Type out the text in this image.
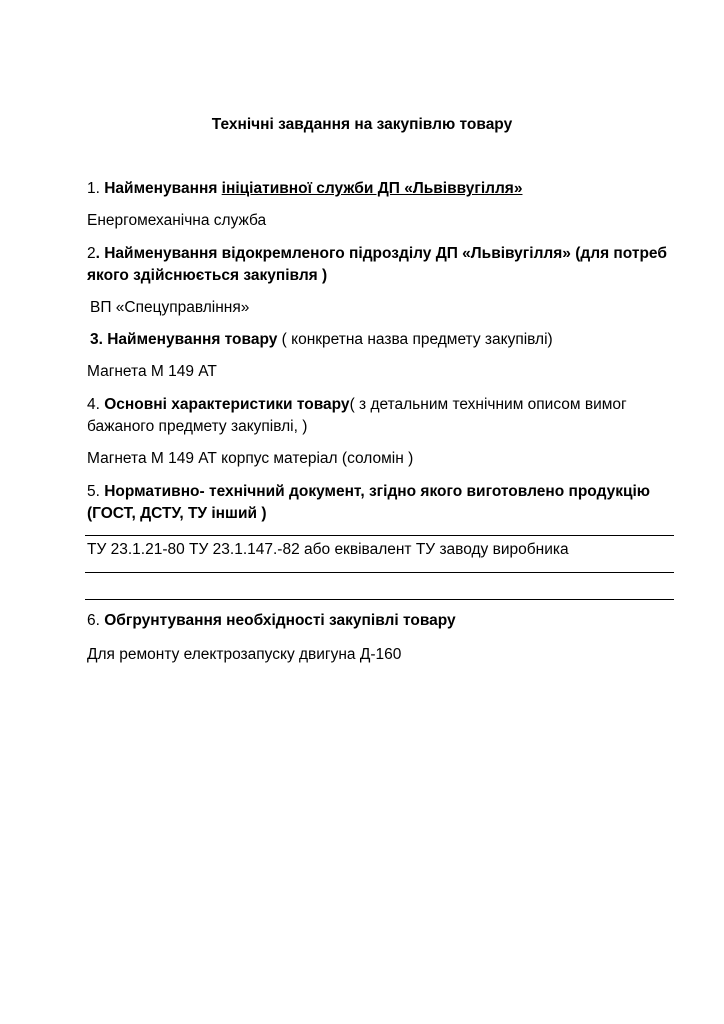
Технічні завдання на закупівлю товару
1. Найменування ініціативної служби ДП «Львіввугілля»
Енергомеханічна служба
2. Найменування відокремленого підрозділу ДП «Львівугілля» (для потреб
якого здійснюється закупівля )
ВП «Спецуправління»
3. Найменування товару ( конкретна назва предмету закупівлі)
Магнета М 149 АТ
4. Основні характеристики товару( з детальним технічним описом вимог
бажаного предмету закупівлі, )
Магнета М 149 АТ корпус матеріал (соломін )
5. Нормативно- технічний документ, згідно якого виготовлено продукцію
(ГОСТ, ДСТУ, ТУ інший )
ТУ 23.1.21-80 ТУ 23.1.147.-82 або еквівалент ТУ заводу виробника
6. Обгрунтування необхідності закупівлі товару
Для ремонту електрозапуску двигуна Д-160
